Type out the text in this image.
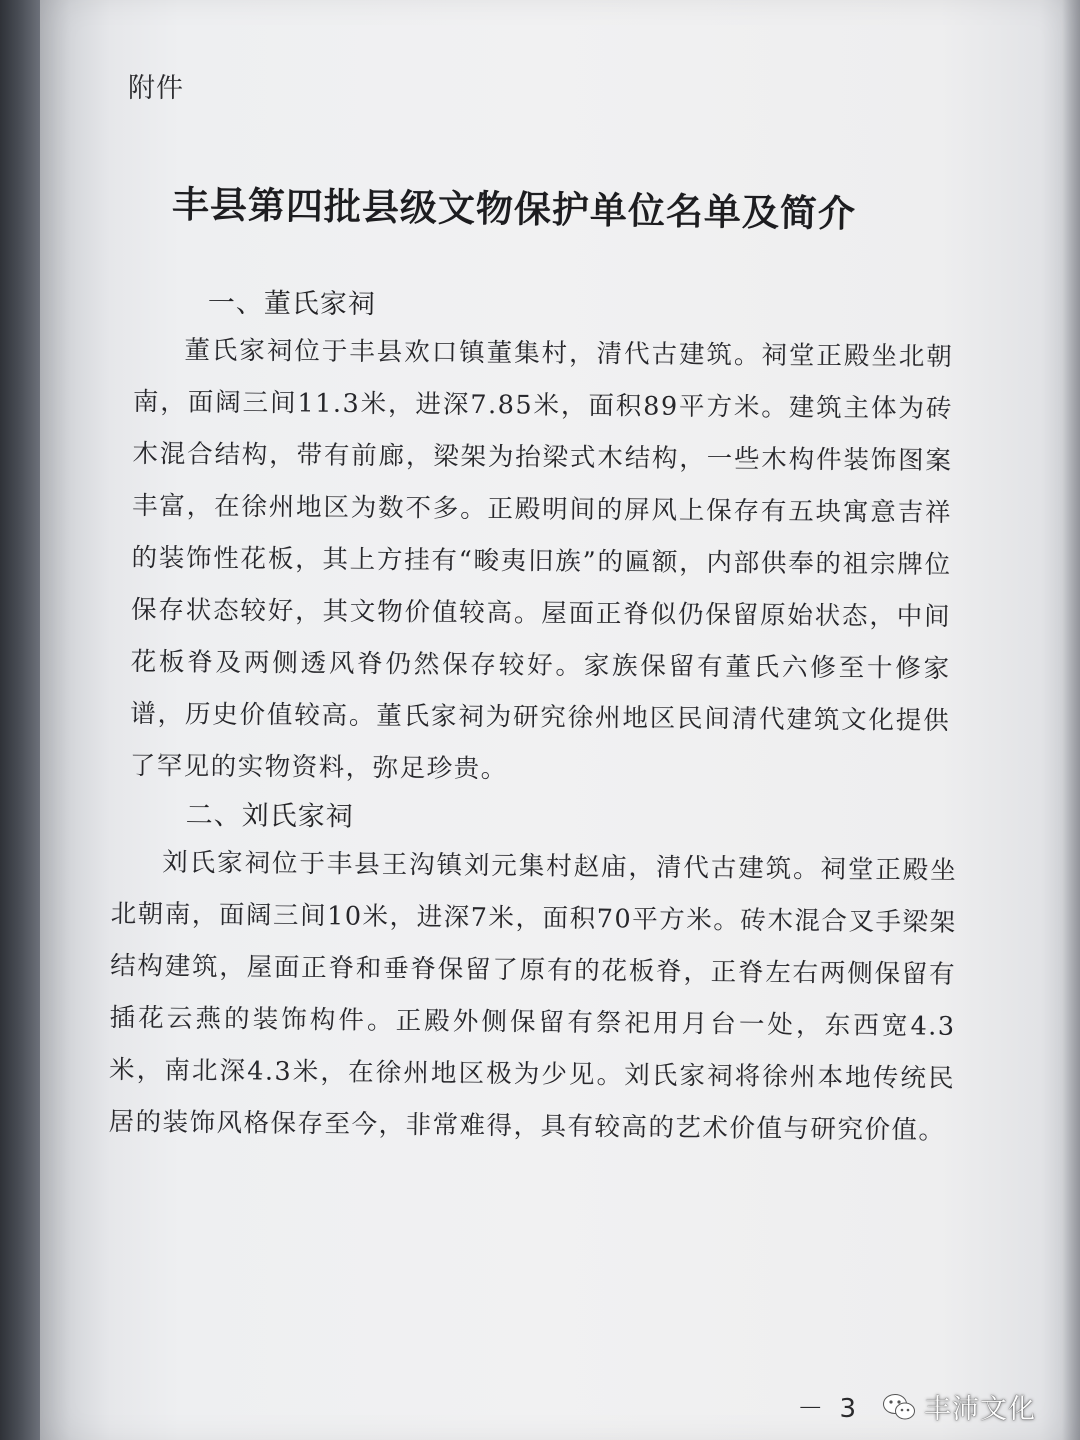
附件
丰县第四批县级文物保护单位名单及简介
一、董氏家祠

董氏家祠位于丰县欢口镇董集村，清代古建筑。祠堂正殿坐北朝南，面阔三间11.3米，进深7.85米，面积89平方米。建筑主体为砖木混合结构，带有前廊，梁架为抬梁式木结构，一些木构件装饰图案丰富，在徐州地区为数不多。正殿明间的屏风上保存有五块寓意吉祥的装饰性花板，其上方挂有“畯夷旧族”的匾额，内部供奉的祖宗牌位保存状态较好，其文物价值较高。屋面正脊似仍保留原始状态，中间花板脊及两侧透风脊仍然保存较好。家族保留有董氏六修至十修家谱，历史价值较高。董氏家祠为研究徐州地区民间清代建筑文化提供了罕见的实物资料，弥足珍贵。

二、刘氏家祠

刘氏家祠位于丰县王沟镇刘元集村赵庙，清代古建筑。祠堂正殿坐北朝南，面阔三间10米，进深7米，面积70平方米。砖木混合叉手梁架结构建筑，屋面正脊和垂脊保留了原有的花板脊，正脊左右两侧保留有插花云燕的装饰构件。正殿外侧保留有祭祀用月台一处，东西宽4.3米，南北深4.3米，在徐州地区极为少见。刘氏家祠将徐州本地传统民居的装饰风格保存至今，非常难得，具有较高的艺术价值与研究价值。

－ 3 丰沛文化
